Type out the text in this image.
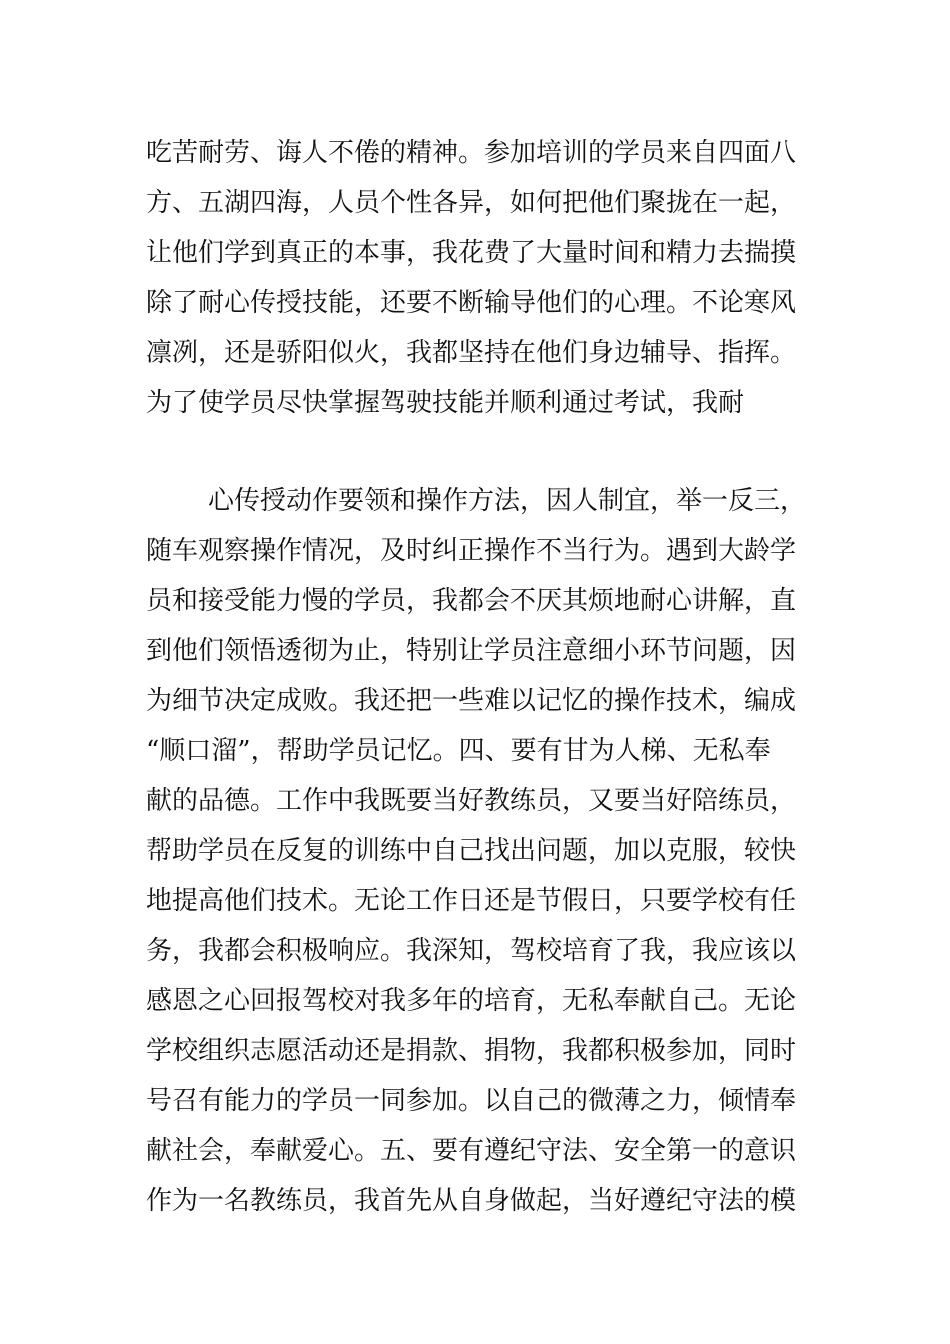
吃苦耐劳、诲人不倦的精神。参加培训的学员来自四面八
方、五湖四海，人员个性各异，如何把他们聚拢在一起，
让他们学到真正的本事，我花费了大量时间和精力去揣摸
除了耐心传授技能，还要不断输导他们的心理。不论寒风
凛冽，还是骄阳似火，我都坚持在他们身边辅导、指挥。
为了使学员尽快掌握驾驶技能并顺利通过考试，我耐
心传授动作要领和操作方法，因人制宜，举一反三，
随车观察操作情况，及时纠正操作不当行为。遇到大龄学
员和接受能力慢的学员，我都会不厌其烦地耐心讲解，直
到他们领悟透彻为止，特别让学员注意细小环节问题，因
为细节决定成败。我还把一些难以记忆的操作技术，编成
“顺口溜”，帮助学员记忆。四、要有甘为人梯、无私奉
献的品德。工作中我既要当好教练员，又要当好陪练员，
帮助学员在反复的训练中自己找出问题，加以克服，较快
地提高他们技术。无论工作日还是节假日，只要学校有任
务，我都会积极响应。我深知，驾校培育了我，我应该以
感恩之心回报驾校对我多年的培育，无私奉献自己。无论
学校组织志愿活动还是捐款、捐物，我都积极参加，同时
号召有能力的学员一同参加。以自己的微薄之力，倾情奉
献社会，奉献爱心。五、要有遵纪守法、安全第一的意识
作为一名教练员，我首先从自身做起，当好遵纪守法的模
